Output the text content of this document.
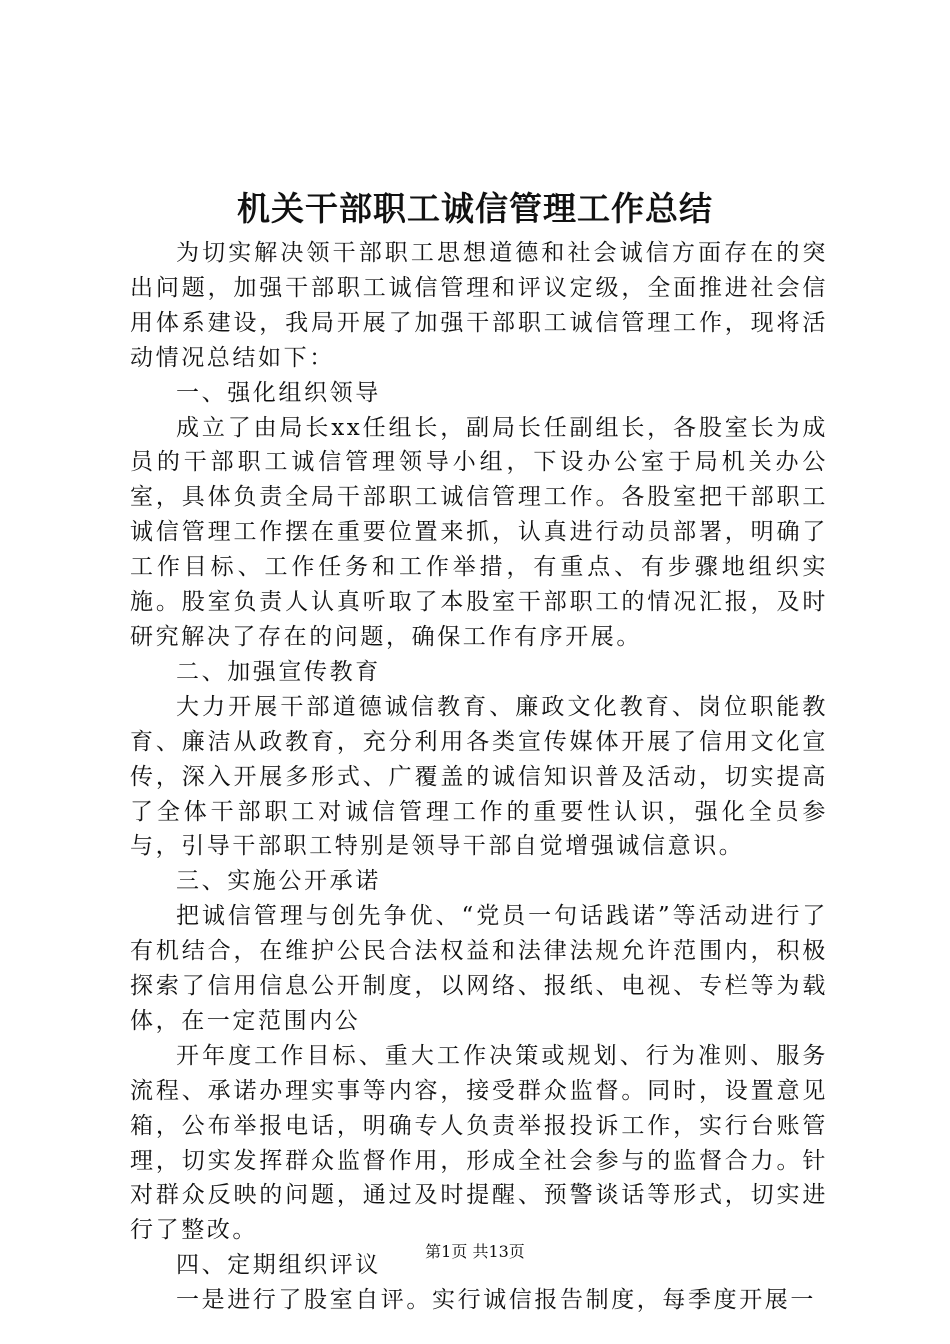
机关干部职工诚信管理工作总结

为切实解决领干部职工思想道德和社会诚信方面存在的突出问题，加强干部职工诚信管理和评议定级，全面推进社会信用体系建设，我局开展了加强干部职工诚信管理工作，现将活动情况总结如下：

一、强化组织领导

成立了由局长xx任组长，副局长任副组长，各股室长为成员的干部职工诚信管理领导小组，下设办公室于局机关办公室，具体负责全局干部职工诚信管理工作。各股室把干部职工诚信管理工作摆在重要位置来抓，认真进行动员部署，明确了工作目标、工作任务和工作举措，有重点、有步骤地组织实施。股室负责人认真听取了本股室干部职工的情况汇报，及时研究解决了存在的问题，确保工作有序开展。

二、加强宣传教育

大力开展干部道德诚信教育、廉政文化教育、岗位职能教育、廉洁从政教育，充分利用各类宣传媒体开展了信用文化宣传，深入开展多形式、广覆盖的诚信知识普及活动，切实提高了全体干部职工对诚信管理工作的重要性认识，强化全员参与，引导干部职工特别是领导干部自觉增强诚信意识。

三、实施公开承诺

把诚信管理与创先争优、“党员一句话践诺”等活动进行了有机结合，在维护公民合法权益和法律法规允许范围内，积极探索了信用信息公开制度，以网络、报纸、电视、专栏等为载体，在一定范围内公

开年度工作目标、重大工作决策或规划、行为准则、服务流程、承诺办理实事等内容，接受群众监督。同时，设置意见箱，公布举报电话，明确专人负责举报投诉工作，实行台账管理，切实发挥群众监督作用，形成全社会参与的监督合力。针对群众反映的问题，通过及时提醒、预警谈话等形式，切实进行了整改。

四、定期组织评议

一是进行了股室自评。实行诚信报告制度，每季度开展一

第1页 共13页
